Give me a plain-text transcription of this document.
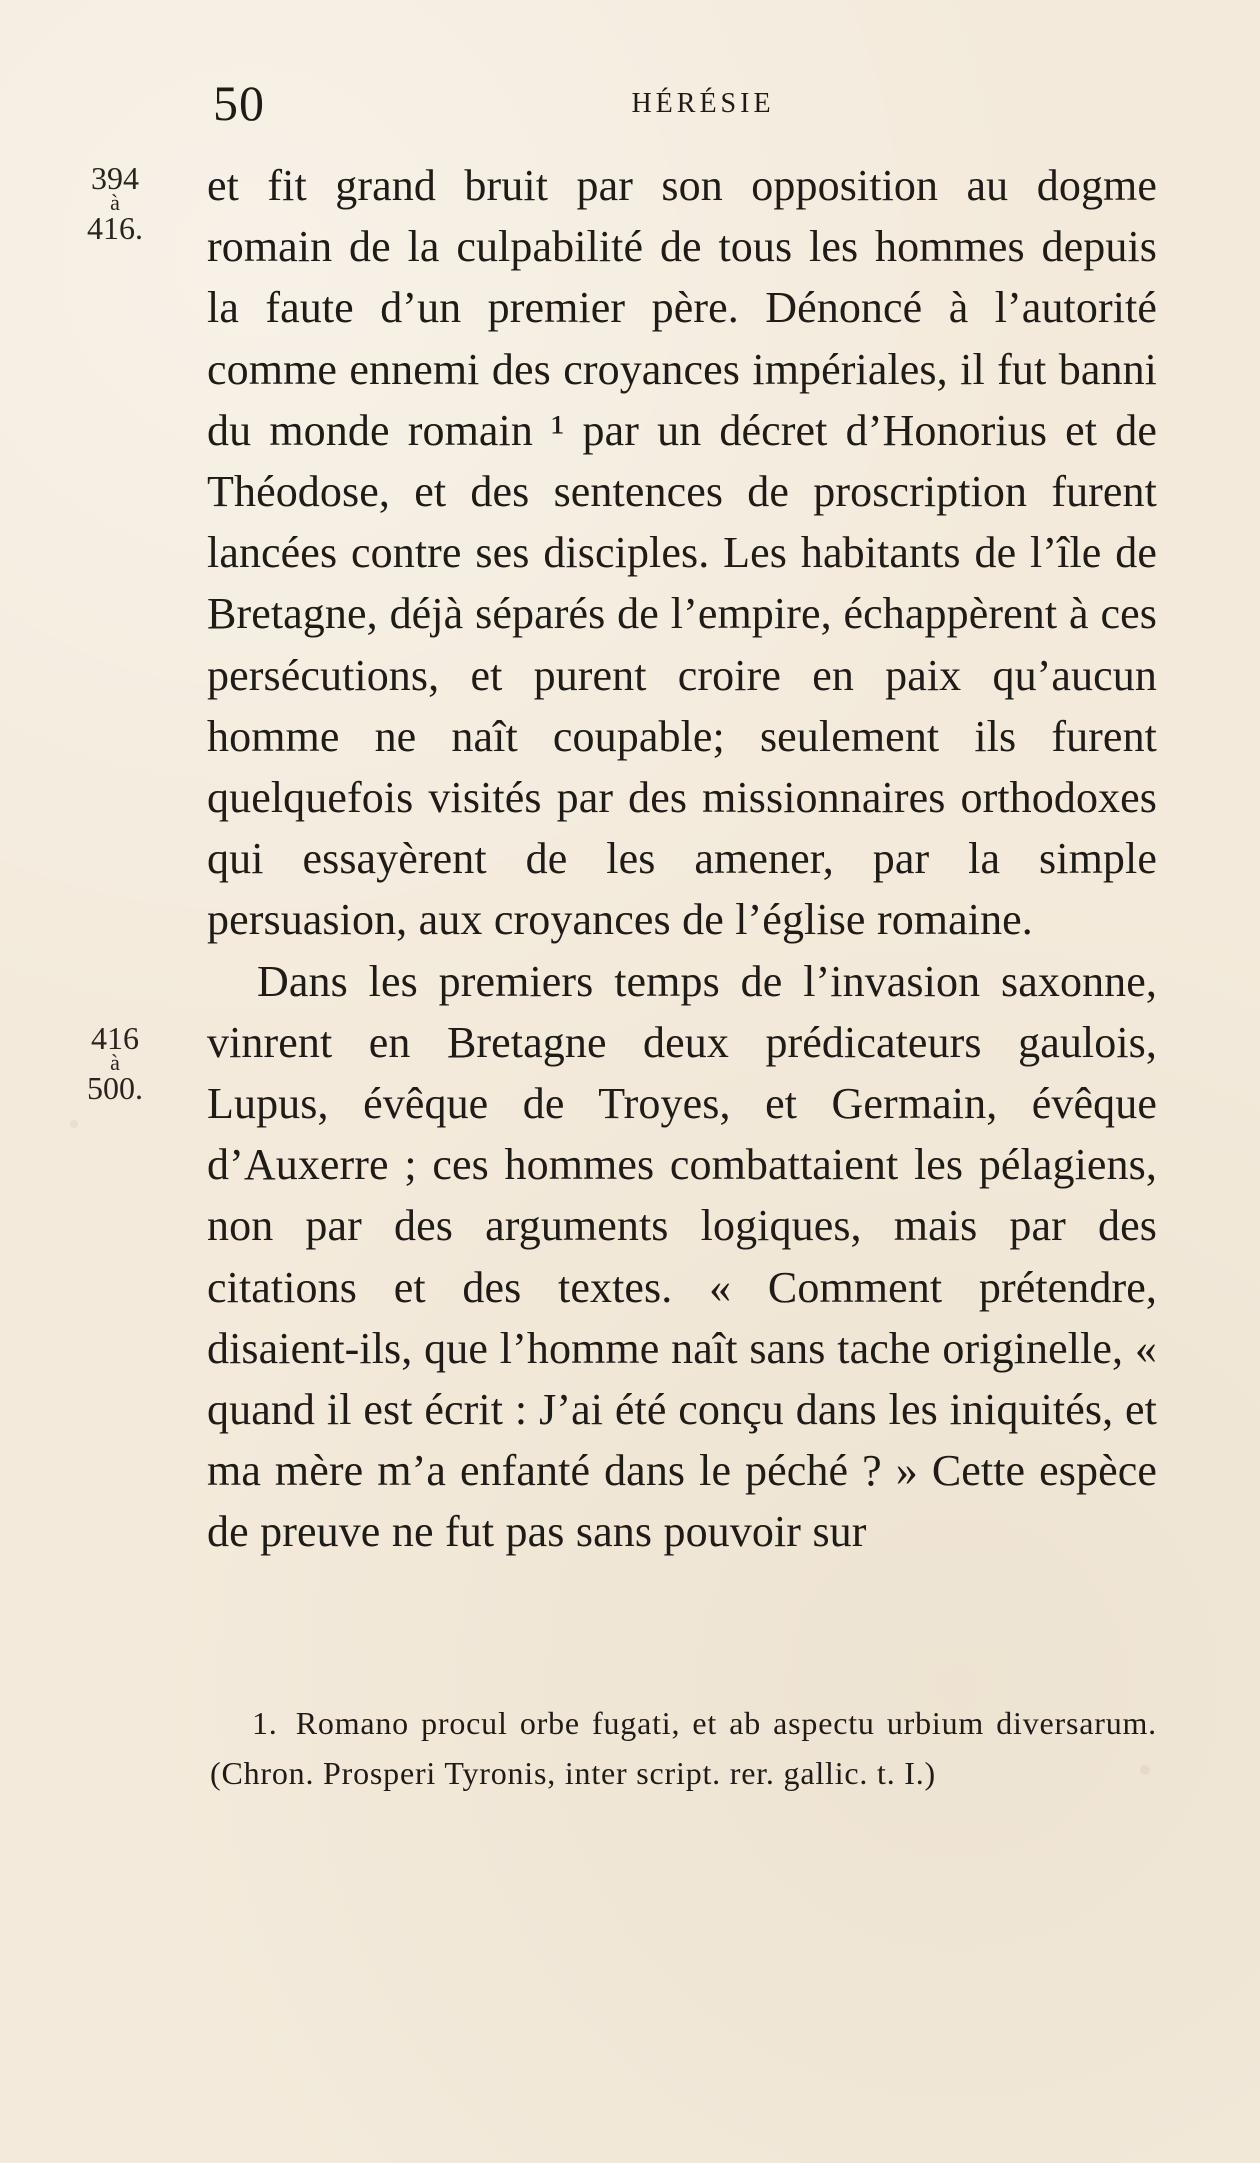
50	HÉRÉSIE
394
à
416.
416
à
500.

et fit grand bruit par son opposition au dogme romain de la culpabilité de tous les hommes depuis la faute d’un premier père. Dénoncé à l’autorité comme ennemi des croyances impériales, il fut banni du monde romain ¹ par un décret d’Honorius et de Théodose, et des sentences de proscription furent lancées contre ses disciples. Les habitants de l’île de Bretagne, déjà séparés de l’empire, échappèrent à ces persécutions, et purent croire en paix qu’aucun homme ne naît coupable; seulement ils furent quelquefois visités par des missionnaires orthodoxes qui essayèrent de les amener, par la simple persuasion, aux croyances de l’église romaine.

Dans les premiers temps de l’invasion saxonne, vinrent en Bretagne deux prédicateurs gaulois, Lupus, évêque de Troyes, et Germain, évêque d’Auxerre ; ces hommes combattaient les pélagiens, non par des arguments logiques, mais par des citations et des textes. « Comment prétendre, disaient-ils, que l’homme naît sans tache originelle, « quand il est écrit : J’ai été conçu dans les iniquités, et ma mère m’a enfanté dans le péché ? » Cette espèce de preuve ne fut pas sans pouvoir sur

1. Romano procul orbe fugati, et ab aspectu urbium diversarum. (Chron. Prosperi Tyronis, inter script. rer. gallic. t. I.)
